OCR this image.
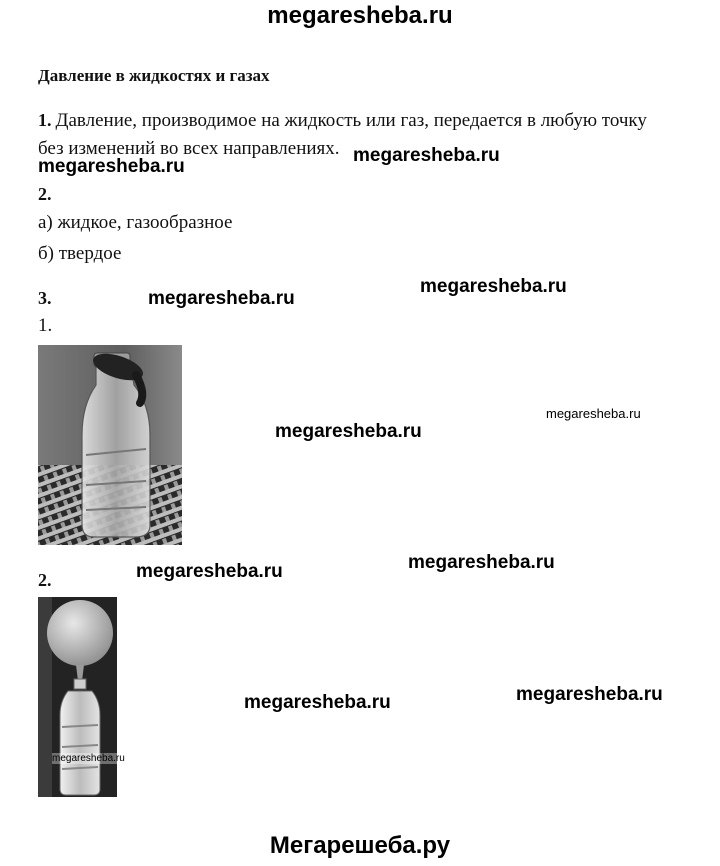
megaresheba.ru
Давление в жидкостях и газах
1. Давление, производимое на жидкость или газ, передается в любую точку
без изменений во всех направлениях. megaresheba.ru
megaresheba.ru
2.
а) жидкое, газообразное
б) твердое
3.	megaresheba.ru
megaresheba.ru
1.
megaresheba.ru
megaresheba.ru
megaresheba.ru
2.	megaresheba.ru
megaresheba.ru
megaresheba.ru	megaresheba.ru
Мегарешеба.ру
